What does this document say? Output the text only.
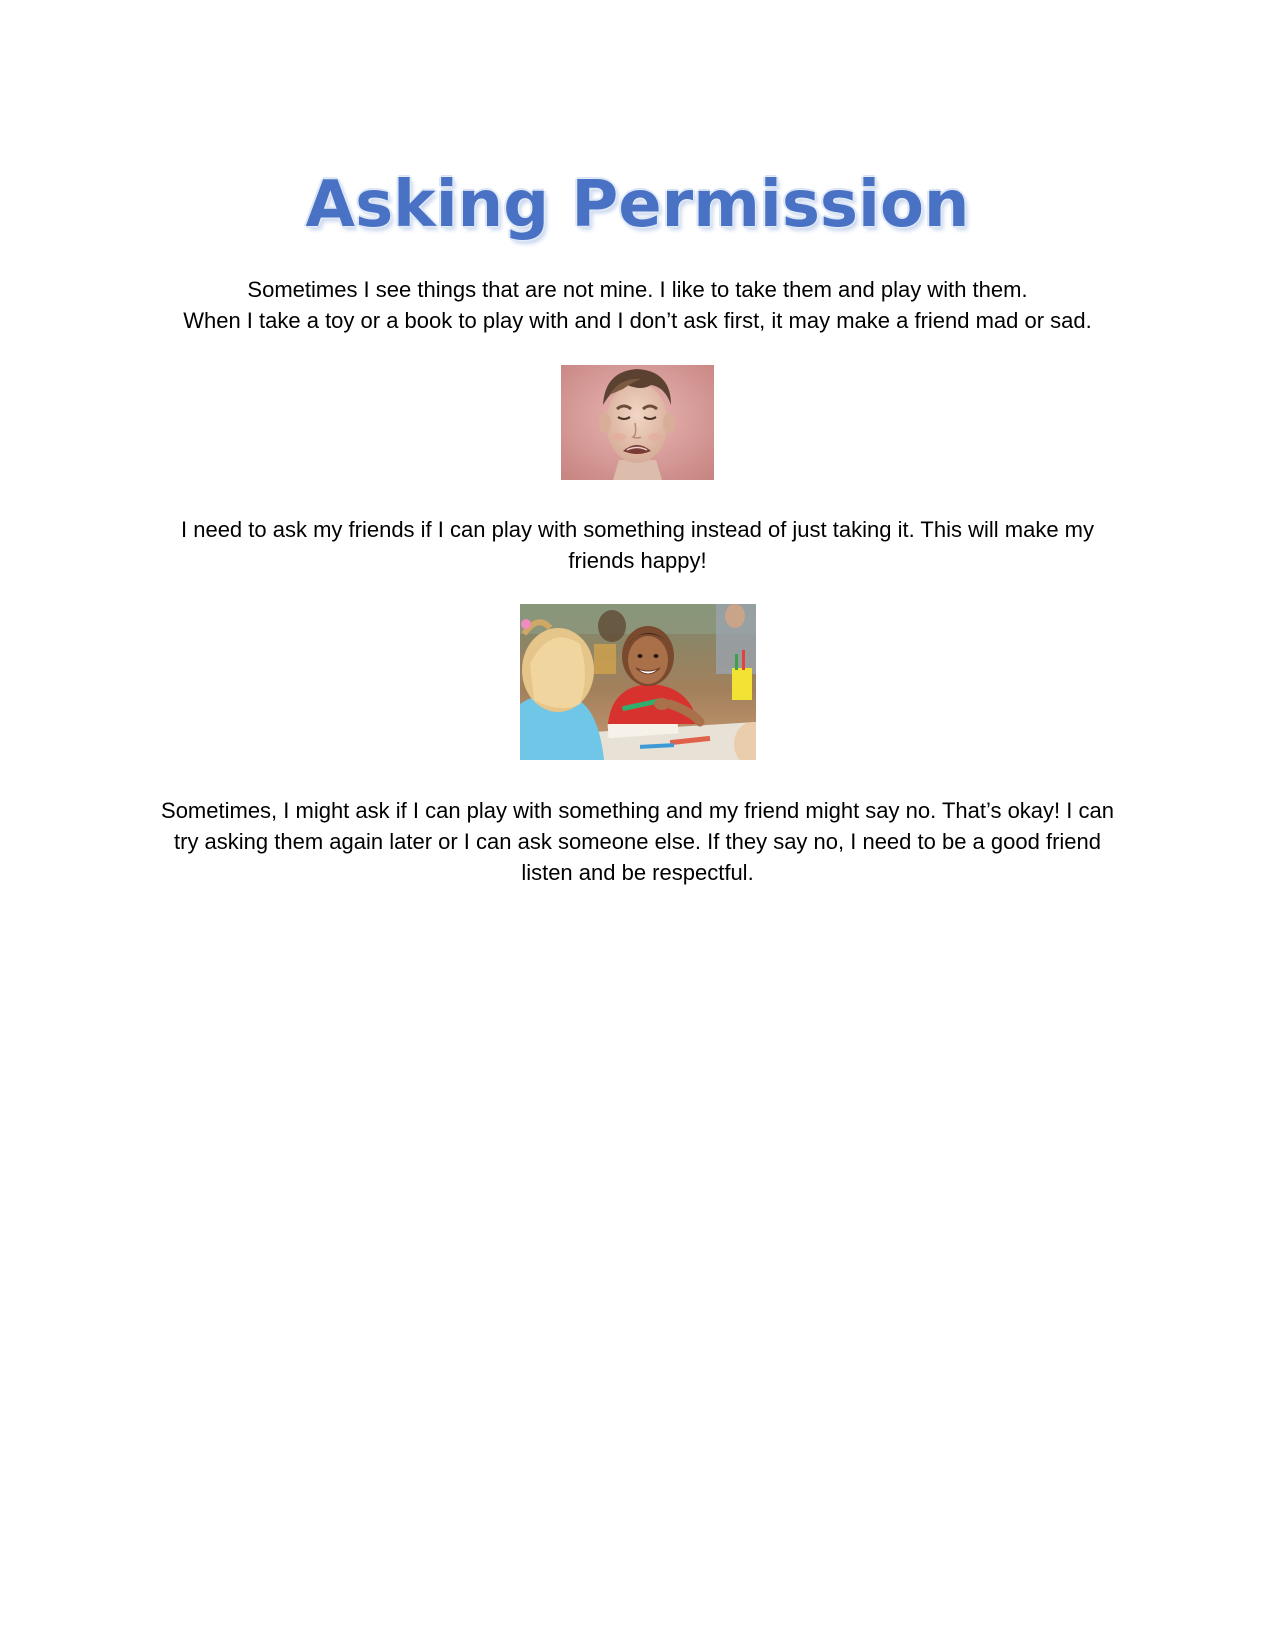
Asking Permission

Sometimes I see things that are not mine. I like to take them and play with them.
When I take a toy or a book to play with and I don’t ask first, it may make a friend mad or sad.

I need to ask my friends if I can play with something instead of just taking it. This will make my friends happy!

Sometimes, I might ask if I can play with something and my friend might say no. That’s okay! I can try asking them again later or I can ask someone else. If they say no, I need to be a good friend listen and be respectful.
